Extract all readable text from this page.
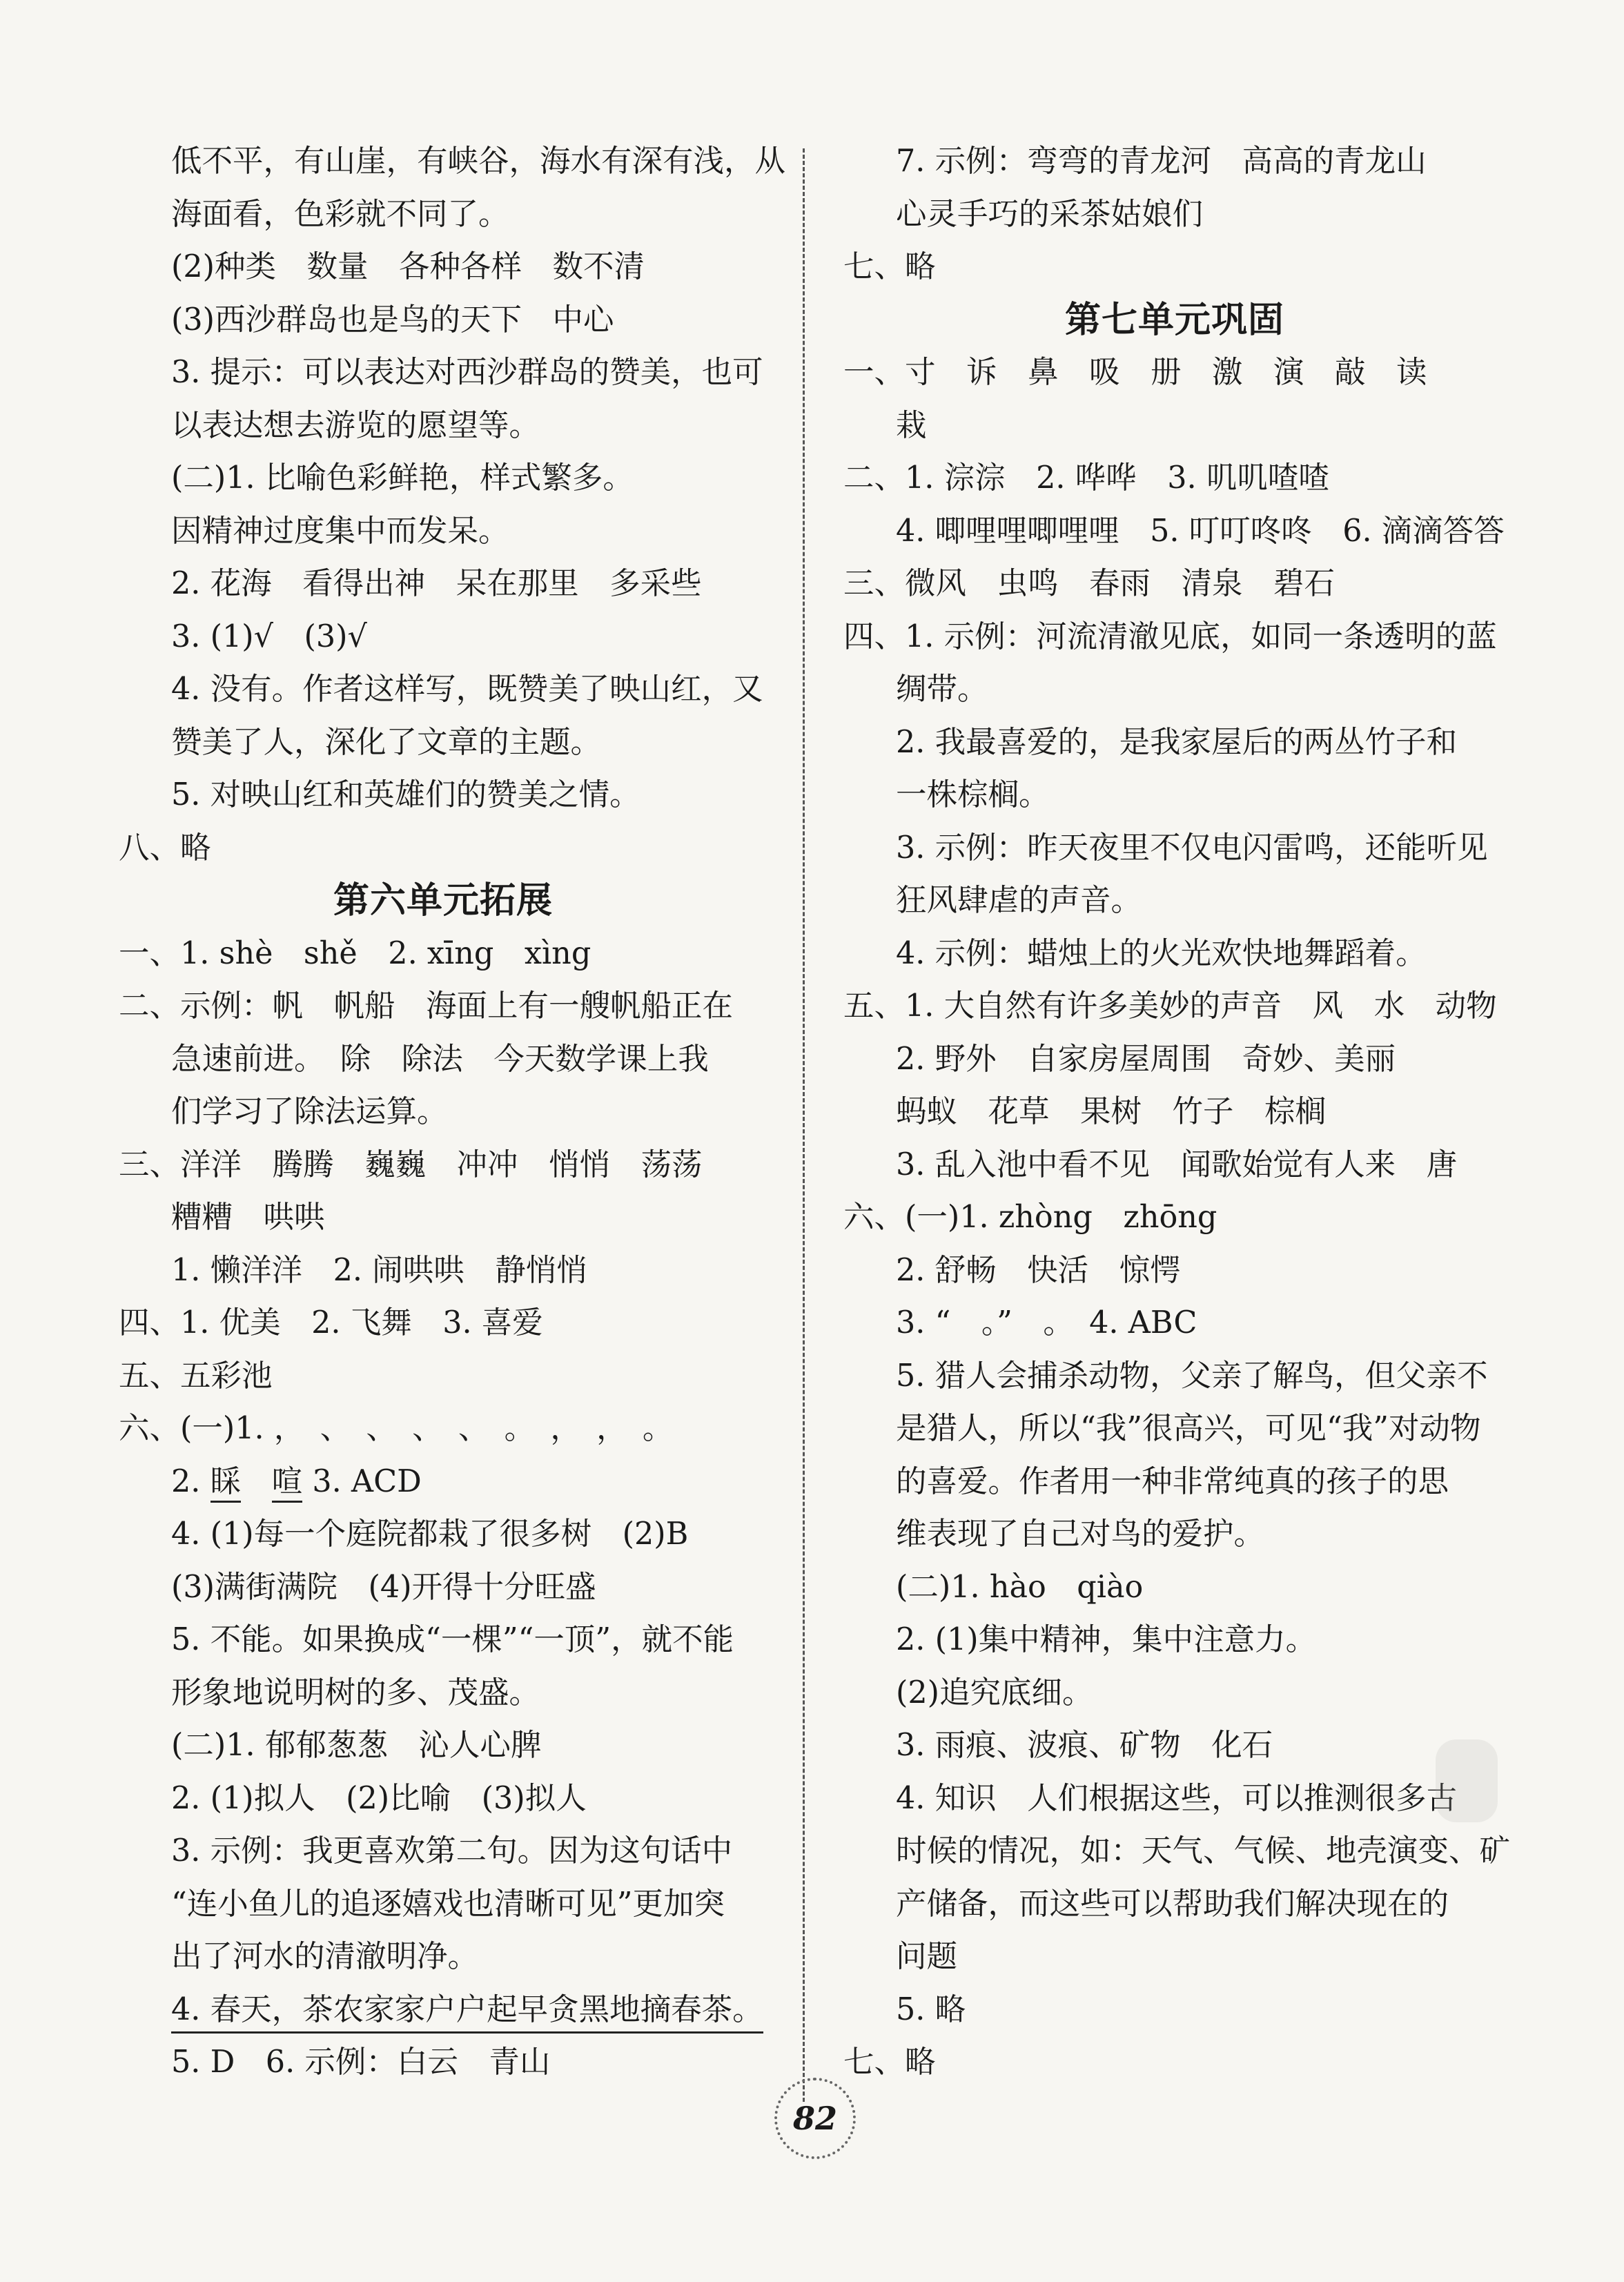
低不平，有山崖，有峡谷，海水有深有浅，从
海面看，色彩就不同了。
(2)种类　数量　各种各样　数不清
(3)西沙群岛也是鸟的天下　中心
3. 提示：可以表达对西沙群岛的赞美，也可
以表达想去游览的愿望等。
(二)1. 比喻色彩鲜艳，样式繁多。
因精神过度集中而发呆。
2. 花海　看得出神　呆在那里　多采些
3. (1)√　(3)√
4. 没有。作者这样写，既赞美了映山红，又
赞美了人，深化了文章的主题。
5. 对映山红和英雄们的赞美之情。
八、略
第六单元拓展
一、1. shè　shě　2. xīng　xìng
二、示例：帆　帆船　海面上有一艘帆船正在
急速前进。　除　除法　今天数学课上我
们学习了除法运算。
三、洋洋　腾腾　巍巍　冲冲　悄悄　荡荡
糟糟　哄哄
1. 懒洋洋　2. 闹哄哄　静悄悄
四、1. 优美　2. 飞舞　3. 喜爱
五、五彩池
六、(一)1. ，　、　、　、　、　。　，　，　。
2. 睬　 喧 3. ACD
4. (1)每一个庭院都栽了很多树　(2)B
(3)满街满院　(4)开得十分旺盛
5. 不能。如果换成“一棵”“一顶”，就不能
形象地说明树的多、茂盛。
(二)1. 郁郁葱葱　沁人心脾
2. (1)拟人　(2)比喻　(3)拟人
3. 示例：我更喜欢第二句。因为这句话中
“连小鱼儿的追逐嬉戏也清晰可见”更加突
出了河水的清澈明净。
4. 春天，茶农家家户户起早贪黑地摘春茶。
5. D　6. 示例：白云　青山
7. 示例：弯弯的青龙河　高高的青龙山
心灵手巧的采茶姑娘们
七、略
第七单元巩固
一、寸　诉　鼻　吸　册　激　演　敲　读
栽
二、1. 淙淙　2. 哗哗　3. 叽叽喳喳
4. 唧哩哩唧哩哩　5. 叮叮咚咚　6. 滴滴答答
三、微风　虫鸣　春雨　清泉　碧石
四、1. 示例：河流清澈见底，如同一条透明的蓝
绸带。
2. 我最喜爱的，是我家屋后的两丛竹子和
一株棕榈。
3. 示例：昨天夜里不仅电闪雷鸣，还能听见
狂风肆虐的声音。
4. 示例：蜡烛上的火光欢快地舞蹈着。
五、1. 大自然有许多美妙的声音　风　水　动物
2. 野外　自家房屋周围　奇妙、美丽
蚂蚁　花草　果树　竹子　棕榈
3. 乱入池中看不见　闻歌始觉有人来　唐
六、(一)1. zhòng　zhōng
2. 舒畅　快活　惊愕
3. “　。”　。　4. ABC
5. 猎人会捕杀动物，父亲了解鸟，但父亲不
是猎人，所以“我”很高兴，可见“我”对动物
的喜爱。作者用一种非常纯真的孩子的思
维表现了自己对鸟的爱护。
(二)1. hào　qiào
2. (1)集中精神，集中注意力。
(2)追究底细。
3. 雨痕、波痕、矿物　化石
4. 知识　人们根据这些，可以推测很多古
时候的情况，如：天气、气候、地壳演变、矿
产储备，而这些可以帮助我们解决现在的
问题
5. 略
七、略
82
